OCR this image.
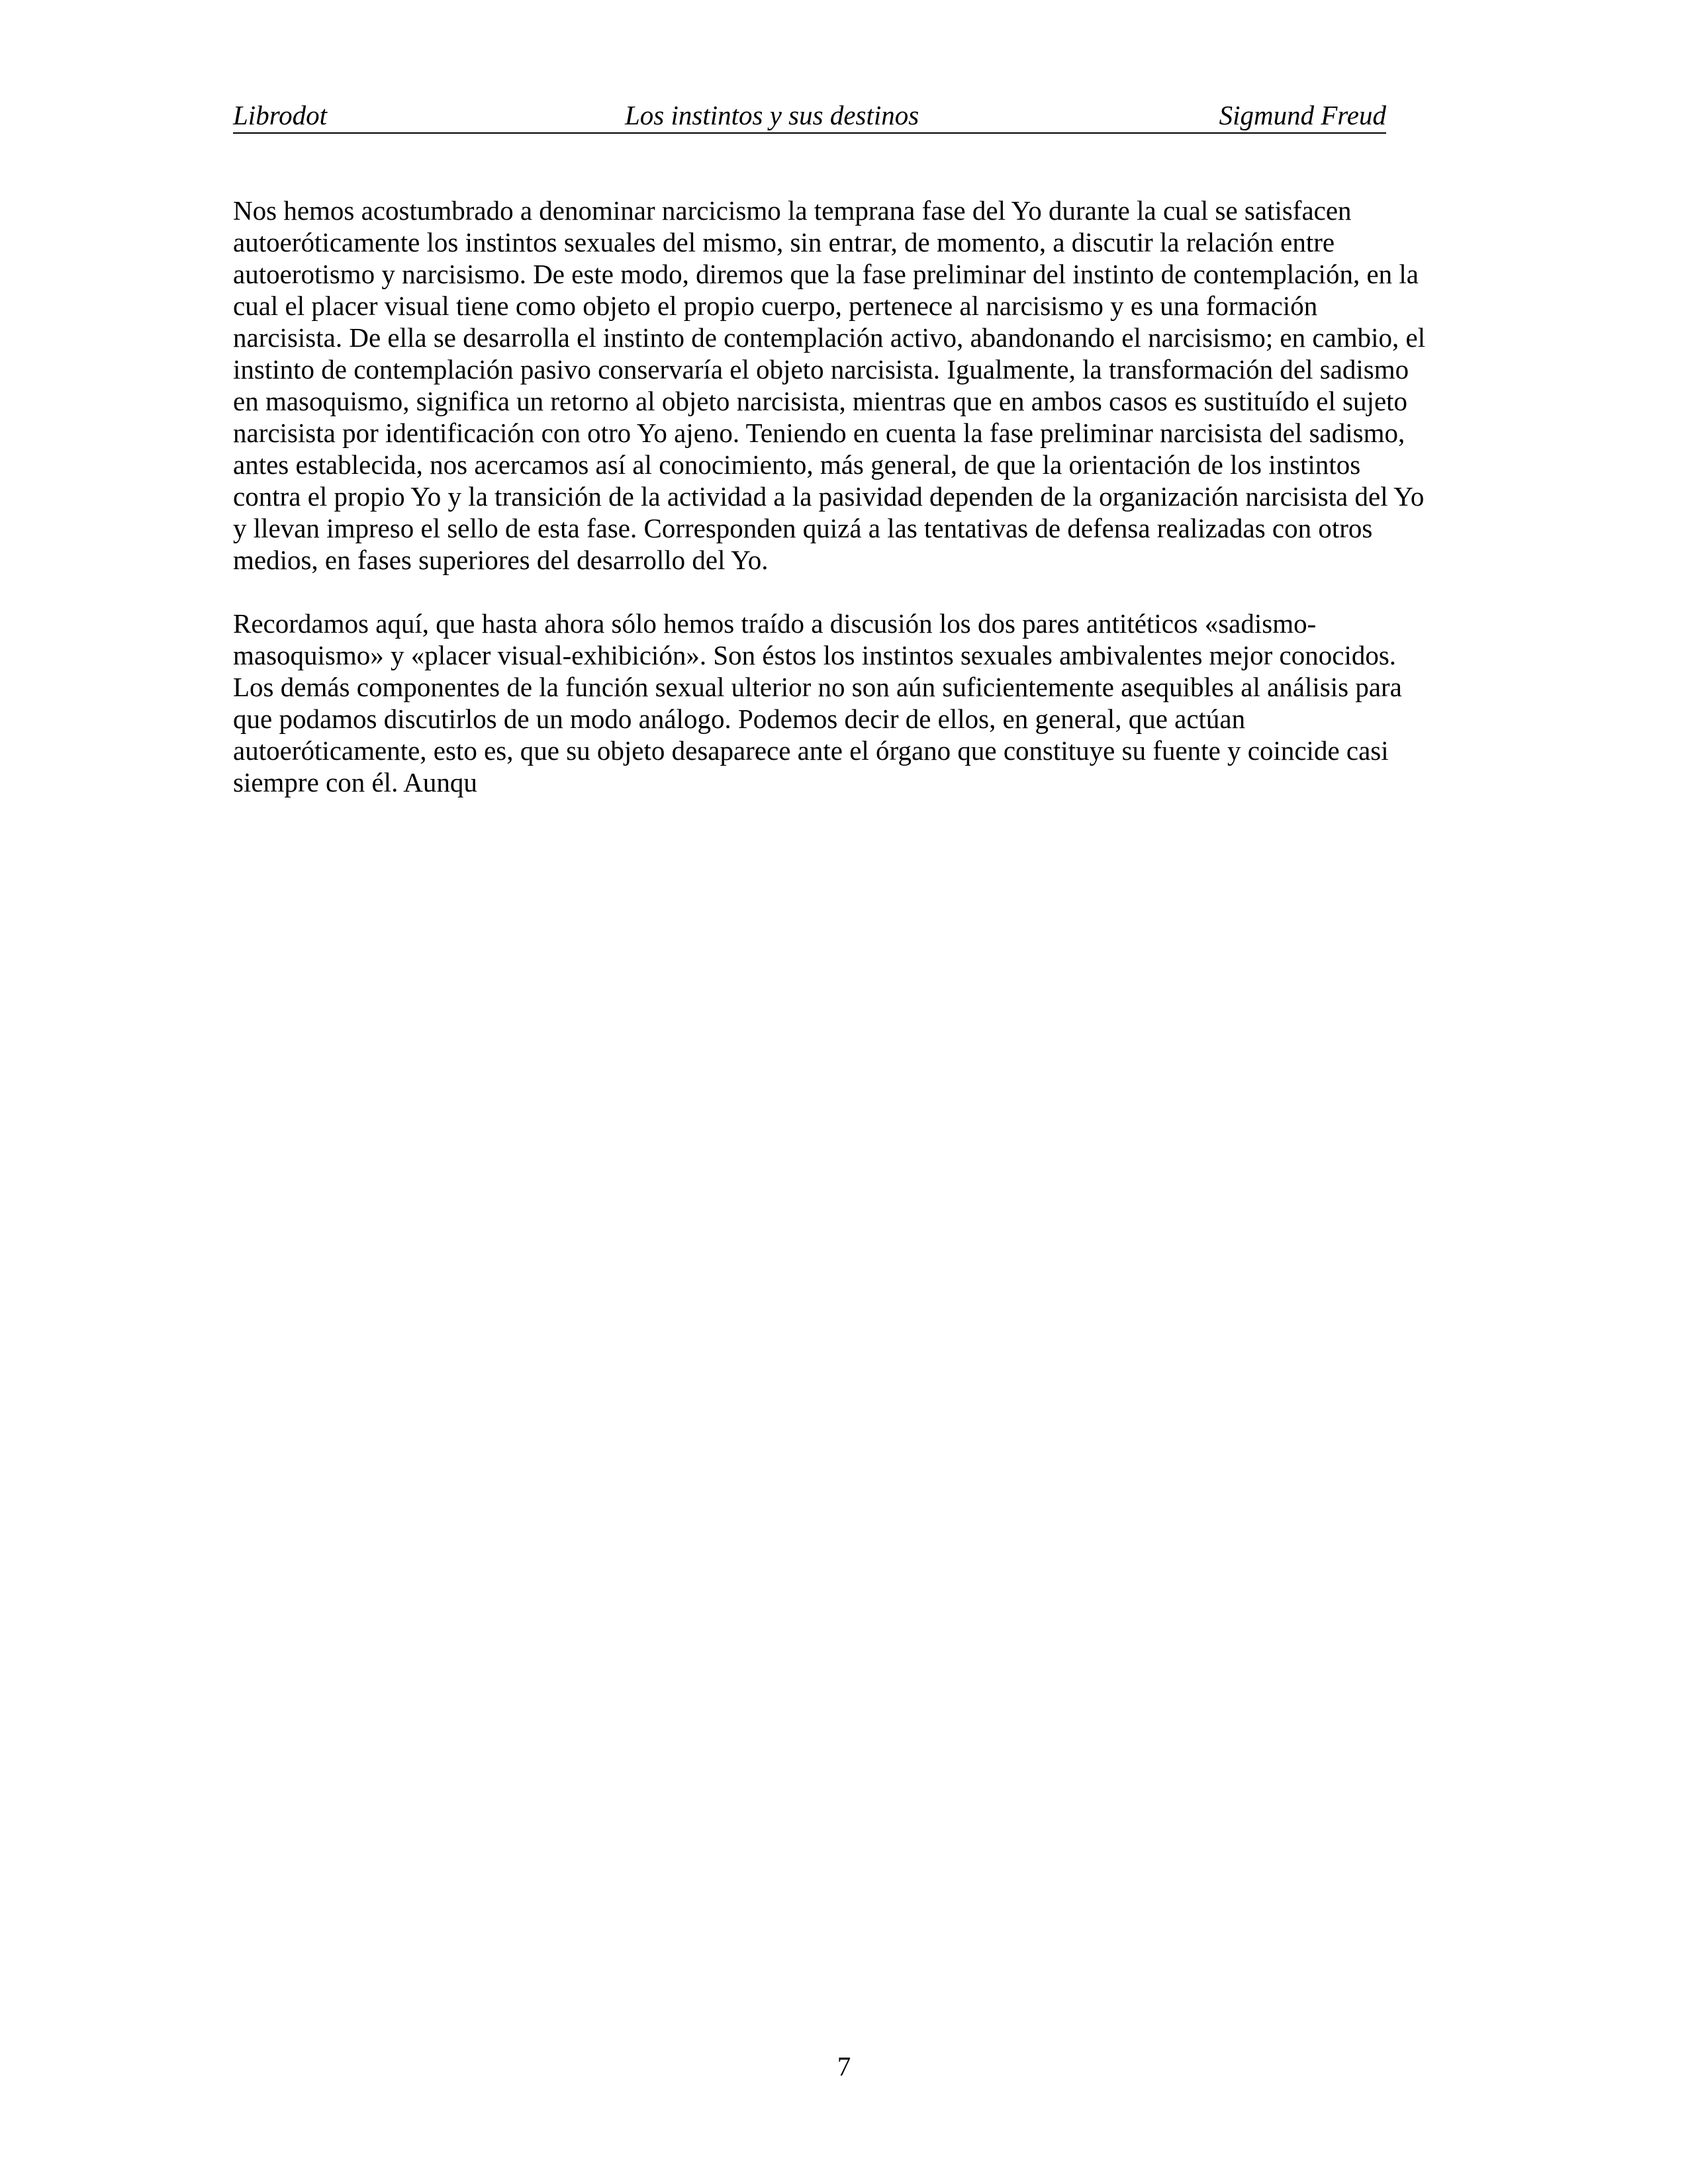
Librodot	Los instintos y sus destinos	Sigmund Freud

Nos hemos acostumbrado a denominar narcicismo la temprana fase del Yo durante la cual se satisfacen
autoeróticamente los instintos sexuales del mismo, sin entrar, de momento, a discutir la relación entre
autoerotismo y narcisismo. De este modo, diremos que la fase preliminar del instinto de contemplación, en la
cual el placer visual tiene como objeto el propio cuerpo, pertenece al narcisismo y es una formación
narcisista. De ella se desarrolla el instinto de contemplación activo, abandonando el narcisismo; en cambio, el
instinto de contemplación pasivo conservaría el objeto narcisista. Igualmente, la transformación del sadismo
en masoquismo, significa un retorno al objeto narcisista, mientras que en ambos casos es sustituído el sujeto
narcisista por identificación con otro Yo ajeno. Teniendo en cuenta la fase preliminar narcisista del sadismo,
antes establecida, nos acercamos así al conocimiento, más general, de que la orientación de los instintos
contra el propio Yo y la transición de la actividad a la pasividad dependen de la organización narcisista del Yo
y llevan impreso el sello de esta fase. Corresponden quizá a las tentativas de defensa realizadas con otros
medios, en fases superiores del desarrollo del Yo.

Recordamos aquí, que hasta ahora sólo hemos traído a discusión los dos pares antitéticos «sadismo-
masoquismo» y «placer visual-exhibición». Son éstos los instintos sexuales ambivalentes mejor conocidos.
Los demás componentes de la función sexual ulterior no son aún suficientemente asequibles al análisis para
que podamos discutirlos de un modo análogo. Podemos decir de ellos, en general, que actúan
autoeróticamente, esto es, que su objeto desaparece ante el órgano que constituye su fuente y coincide casi
siempre con él. Aunqu

7
